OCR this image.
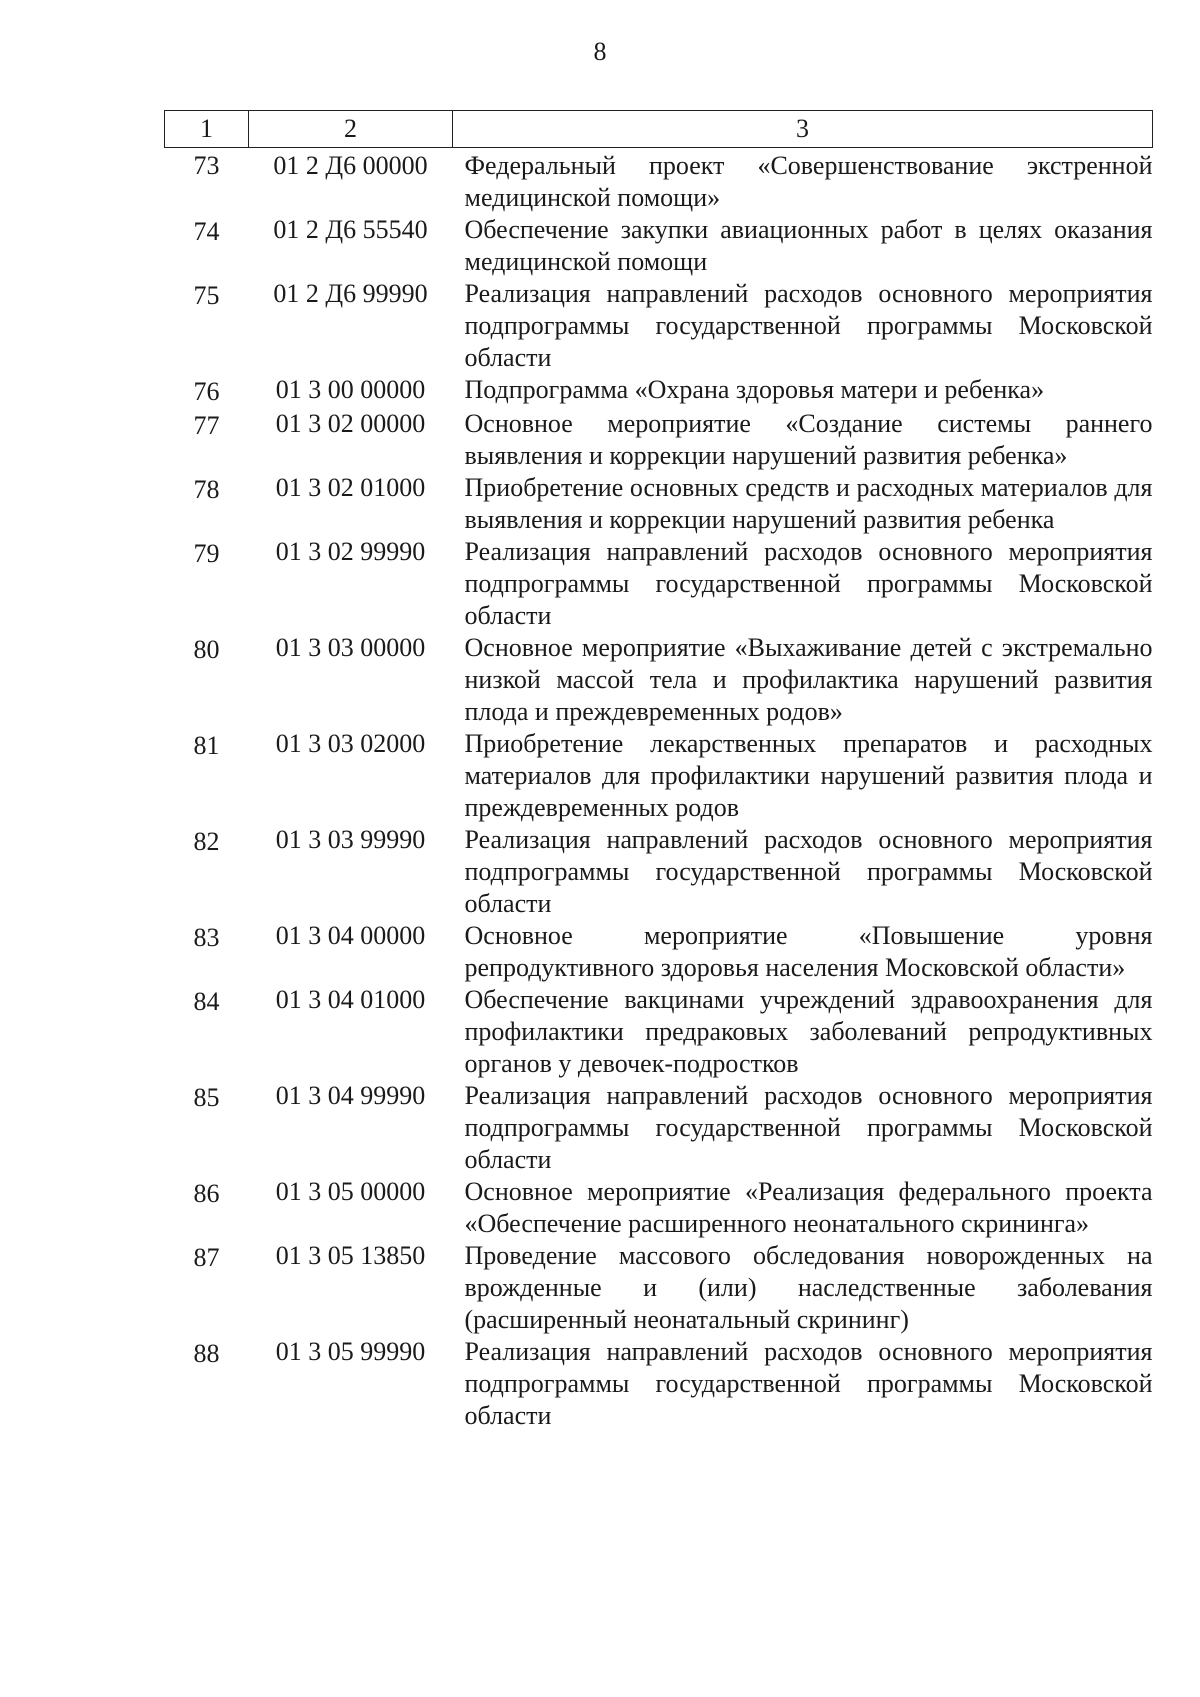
8
1	2	3
73	01 2 Д6 00000	Федеральный проект «Совершенствование экстренной медицинской помощи»
74	01 2 Д6 55540	Обеспечение закупки авиационных работ в целях оказания медицинской помощи
75	01 2 Д6 99990	Реализация направлений расходов основного мероприятия подпрограммы государственной программы Московской области
76	01 3 00 00000	Подпрограмма «Охрана здоровья матери и ребенка»
77	01 3 02 00000	Основное мероприятие «Создание системы раннего выявления и коррекции нарушений развития ребенка»
78	01 3 02 01000	Приобретение основных средств и расходных материалов для выявления и коррекции нарушений развития ребенка
79	01 3 02 99990	Реализация направлений расходов основного мероприятия подпрограммы государственной программы Московской области
80	01 3 03 00000	Основное мероприятие «Выхаживание детей с экстремально низкой массой тела и профилактика нарушений развития плода и преждевременных родов»
81	01 3 03 02000	Приобретение лекарственных препаратов и расходных материалов для профилактики нарушений развития плода и преждевременных родов
82	01 3 03 99990	Реализация направлений расходов основного мероприятия подпрограммы государственной программы Московской области
83	01 3 04 00000	Основное мероприятие «Повышение уровня репродуктивного здоровья населения Московской области»
84	01 3 04 01000	Обеспечение вакцинами учреждений здравоохранения для профилактики предраковых заболеваний репродуктивных органов у девочек-подростков
85	01 3 04 99990	Реализация направлений расходов основного мероприятия подпрограммы государственной программы Московской области
86	01 3 05 00000	Основное мероприятие «Реализация федерального проекта «Обеспечение расширенного неонатального скрининга»
87	01 3 05 13850	Проведение массового обследования новорожденных на врожденные и (или) наследственные заболевания (расширенный неонатальный скрининг)
88	01 3 05 99990	Реализация направлений расходов основного мероприятия подпрограммы государственной программы Московской области
